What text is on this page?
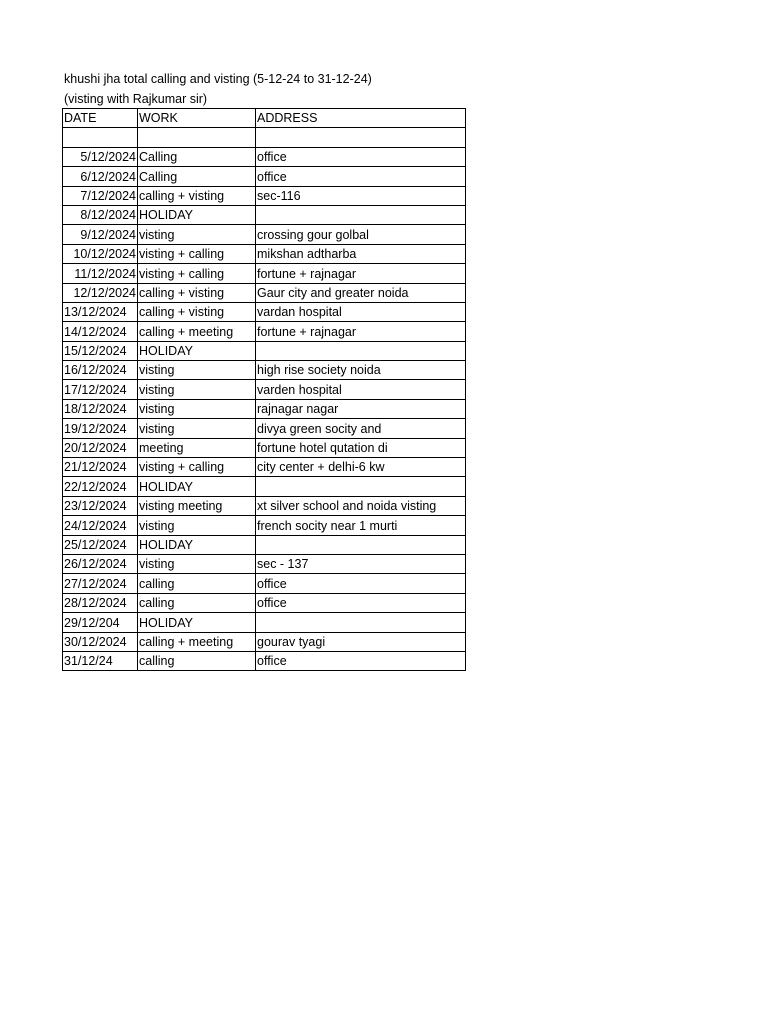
khushi jha total calling and visting (5-12-24 to 31-12-24)
(visting with Rajkumar sir)
DATE	WORK	ADDRESS

5/12/2024	Calling	office
6/12/2024	Calling	office
7/12/2024	calling + visting	sec-116
8/12/2024	HOLIDAY	
9/12/2024	visting	crossing gour golbal
10/12/2024	visting + calling	mikshan adtharba
11/12/2024	visting + calling	fortune + rajnagar
12/12/2024	calling + visting	Gaur city and greater noida
13/12/2024	calling + visting	vardan hospital
14/12/2024	calling + meeting	fortune + rajnagar
15/12/2024	HOLIDAY	
16/12/2024	visting	high rise society noida
17/12/2024	visting	varden hospital
18/12/2024	visting	rajnagar nagar
19/12/2024	visting	divya green socity and
20/12/2024	meeting	fortune hotel qutation di
21/12/2024	visting + calling	city center + delhi-6 kw
22/12/2024	HOLIDAY	
23/12/2024	visting meeting	xt silver school and noida visting
24/12/2024	visting	french socity near 1 murti
25/12/2024	HOLIDAY	
26/12/2024	visting	sec - 137
27/12/2024	calling	office
28/12/2024	calling	office
29/12/204	HOLIDAY	
30/12/2024	calling + meeting	gourav tyagi
31/12/24	calling	office
